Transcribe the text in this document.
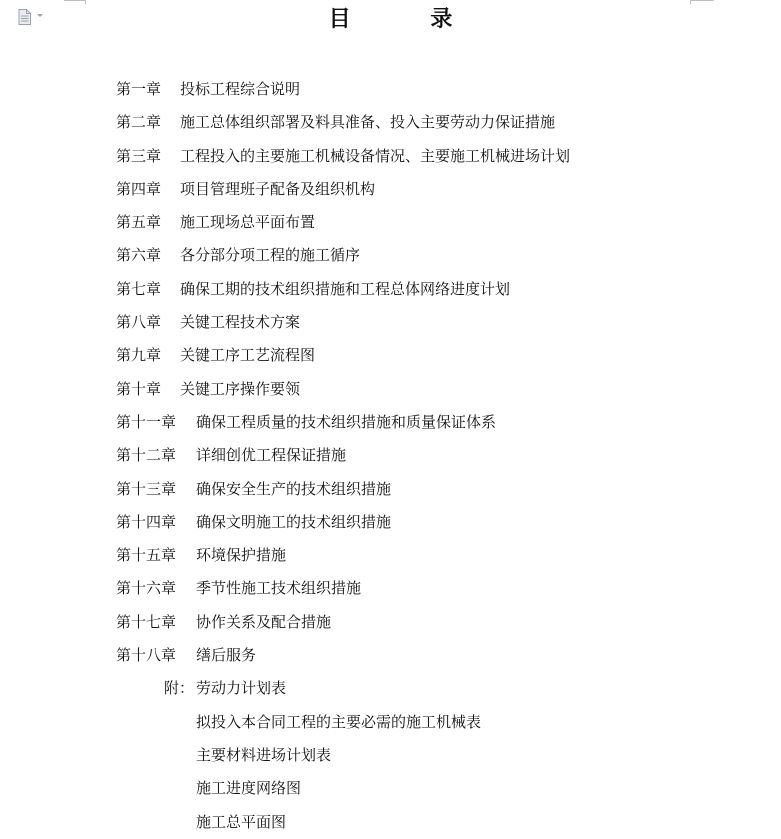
目 录
第一章 投标工程综合说明
第二章 施工总体组织部署及料具准备、投入主要劳动力保证措施
第三章 工程投入的主要施工机械设备情况、主要施工机械进场计划
第四章 项目管理班子配备及组织机构
第五章 施工现场总平面布置
第六章 各分部分项工程的施工循序
第七章 确保工期的技术组织措施和工程总体网络进度计划
第八章 关键工程技术方案
第九章 关键工序工艺流程图
第十章 关键工序操作要领
第十一章 确保工程质量的技术组织措施和质量保证体系
第十二章 详细创优工程保证措施
第十三章 确保安全生产的技术组织措施
第十四章 确保文明施工的技术组织措施
第十五章 环境保护措施
第十六章 季节性施工技术组织措施
第十七章 协作关系及配合措施
第十八章 缮后服务
附： 劳动力计划表
拟投入本合同工程的主要必需的施工机械表
主要材料进场计划表
施工进度网络图
施工总平面图
